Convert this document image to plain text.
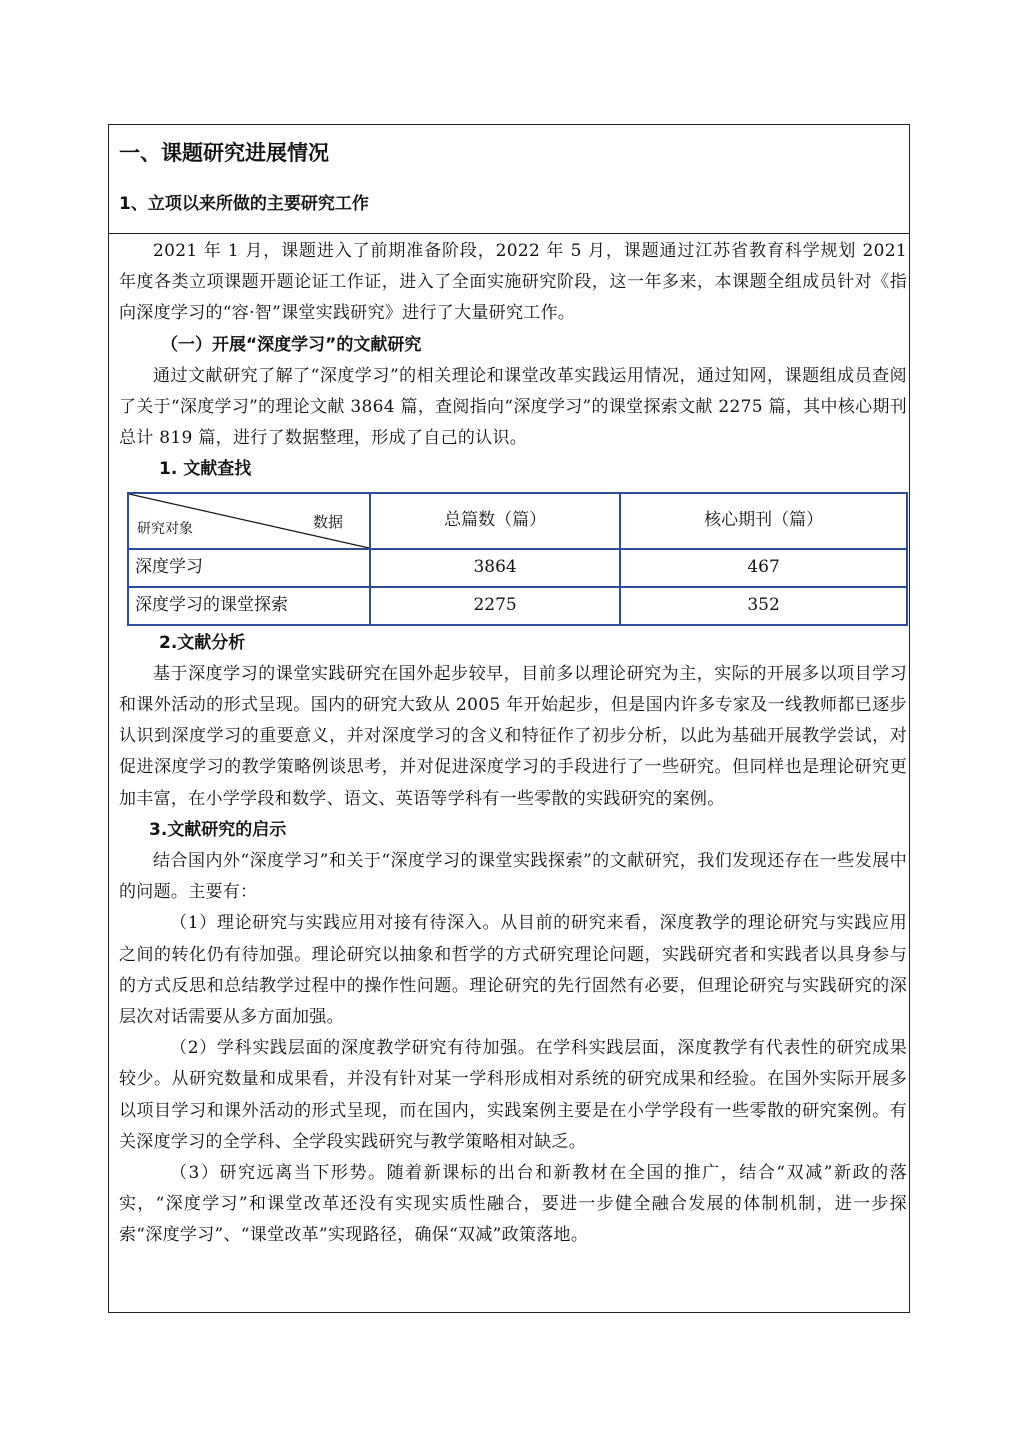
一、课题研究进展情况
1、立项以来所做的主要研究工作

2021 年 1 月，课题进入了前期准备阶段，2022 年 5 月，课题通过江苏省教育科学规划 2021 年度各类立项课题开题论证工作证，进入了全面实施研究阶段，这一年多来，本课题全组成员针对《指向深度学习的“容·智”课堂实践研究》进行了大量研究工作。

（一）开展“深度学习”的文献研究

通过文献研究了解了“深度学习”的相关理论和课堂改革实践运用情况，通过知网，课题组成员查阅了关于“深度学习”的理论文献 3864 篇，查阅指向“深度学习”的课堂探索文献 2275 篇，其中核心期刊总计 819 篇，进行了数据整理，形成了自己的认识。

1. 文献查找

数据
研究对象	总篇数（篇）	核心期刊（篇）
深度学习	3864	467
深度学习的课堂探索	2275	352

2.文献分析

基于深度学习的课堂实践研究在国外起步较早，目前多以理论研究为主，实际的开展多以项目学习和课外活动的形式呈现。国内的研究大致从 2005 年开始起步，但是国内许多专家及一线教师都已逐步认识到深度学习的重要意义，并对深度学习的含义和特征作了初步分析，以此为基础开展教学尝试，对促进深度学习的教学策略例谈思考，并对促进深度学习的手段进行了一些研究。但同样也是理论研究更加丰富，在小学学段和数学、语文、英语等学科有一些零散的实践研究的案例。

3.文献研究的启示

结合国内外“深度学习”和关于“深度学习的课堂实践探索”的文献研究，我们发现还存在一些发展中的问题。主要有：

（1）理论研究与实践应用对接有待深入。从目前的研究来看，深度教学的理论研究与实践应用之间的转化仍有待加强。理论研究以抽象和哲学的方式研究理论问题，实践研究者和实践者以具身参与的方式反思和总结教学过程中的操作性问题。理论研究的先行固然有必要，但理论研究与实践研究的深层次对话需要从多方面加强。

（2）学科实践层面的深度教学研究有待加强。在学科实践层面，深度教学有代表性的研究成果较少。从研究数量和成果看，并没有针对某一学科形成相对系统的研究成果和经验。在国外实际开展多以项目学习和课外活动的形式呈现，而在国内，实践案例主要是在小学学段有一些零散的研究案例。有关深度学习的全学科、全学段实践研究与教学策略相对缺乏。

（3）研究远离当下形势。随着新课标的出台和新教材在全国的推广，结合“双减”新政的落实，“深度学习”和课堂改革还没有实现实质性融合，要进一步健全融合发展的体制机制，进一步探索“深度学习”、“课堂改革”实现路径，确保“双减”政策落地。
